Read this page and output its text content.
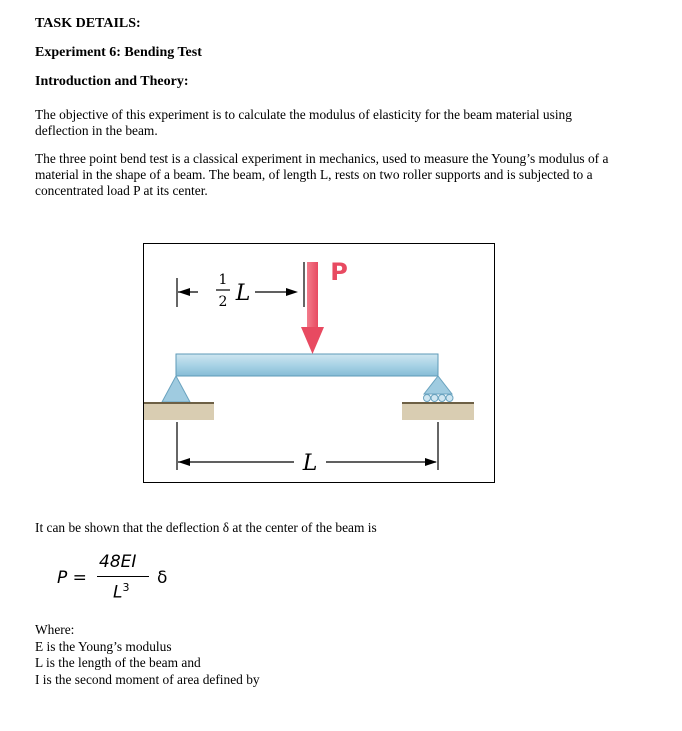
TASK DETAILS:
Experiment 6: Bending Test
Introduction and Theory:
The objective of this experiment is to calculate the modulus of elasticity for the beam material using deflection in the beam.
The three point bend test is a classical experiment in mechanics, used to measure the Young’s modulus of a material in the shape of a beam. The beam, of length L, rests on two roller supports and is subjected to a concentrated load P at its center.
1
2 L
P
L
It can be shown that the deflection δ at the center of the beam is
P =
48EI
$L^3$ δ
Where:
E is the Young’s modulus
L is the length of the beam and
I is the second moment of area defined by
